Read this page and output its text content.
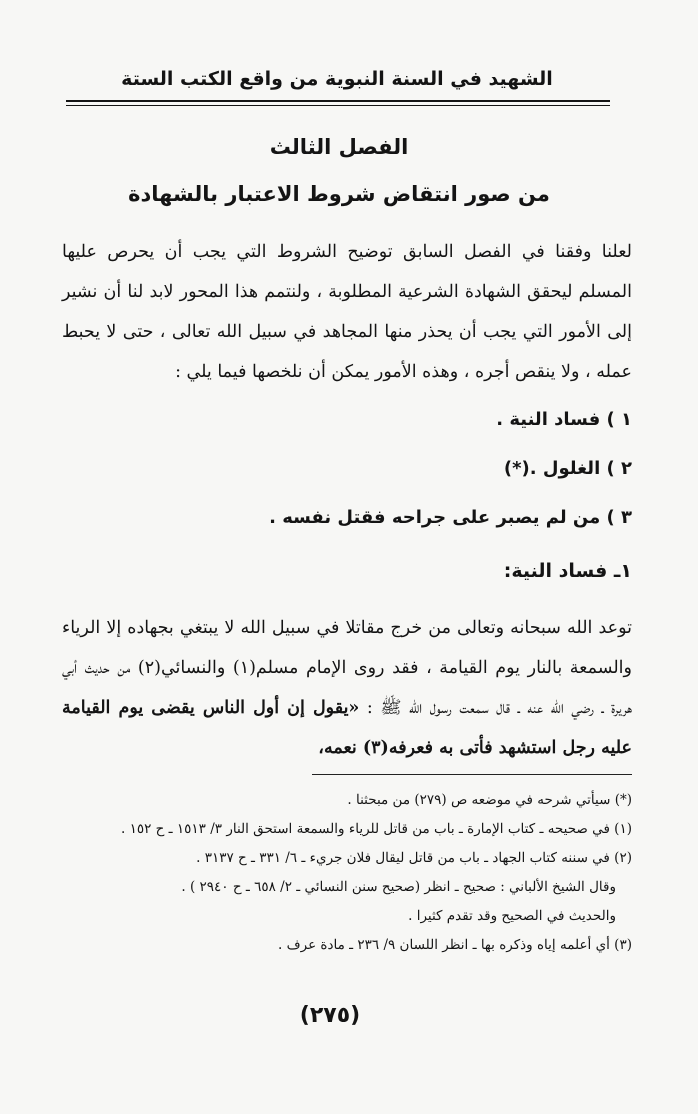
الشهيد في السنة النبوية من واقع الكتب الستة
الفصل الثالث
من صور انتقاض شروط الاعتبار بالشهادة
لعلنا وفقنا في الفصل السابق توضيح الشروط التي يجب أن يحرص عليها المسلم ليحقق الشهادة الشرعية المطلوبة ، ولنتمم هذا المحور لابد لنا أن نشير إلى الأمور التي يجب أن يحذر منها المجاهد في سبيل الله تعالى ، حتى لا يحبط عمله ، ولا ينقص أجره ، وهذه الأمور يمكن أن نلخصها فيما يلي :
١ ) فساد النية .
٢ ) الغلول .(*)
٣ ) من لم يصبر على جراحه فقتل نفسه .
١ـ فساد النية:
توعد الله سبحانه وتعالى من خرج مقاتلا في سبيل الله لا يبتغي بجهاده إلا الرياء والسمعة بالنار يوم القيامة ، فقد روى الإمام مسلم(١) والنسائي(٢) من حديث أبي هريرة ـ رضي الله عنه ـ قال سمعت رسول الله ﷺ : «يقول إن أول الناس يقضى يوم القيامة عليه رجل استشهد فأتى به فعرفه(٣) نعمه،
(*) سيأتي شرحه في موضعه ص (٢٧٩) من مبحثنا .
(١) في صحيحه ـ كتاب الإمارة ـ باب من قاتل للرياء والسمعة استحق النار ٣/ ١٥١٣ ـ ح ١٥٢ .
(٢) في سننه كتاب الجهاد ـ باب من قاتل ليقال فلان جريء ـ ٦/ ٣٣١ ـ ح ٣١٣٧ .
وقال الشيخ الألباني : صحيح ـ انظر (صحيح سنن النسائي ـ ٢/ ٦٥٨ ـ ح ٢٩٤٠ ) .
والحديث في الصحيح وقد تقدم كثيرا .
(٣) أي أعلمه إياه وذكره بها ـ انظر اللسان ٩/ ٢٣٦ ـ مادة عرف .
(٢٧٥)
